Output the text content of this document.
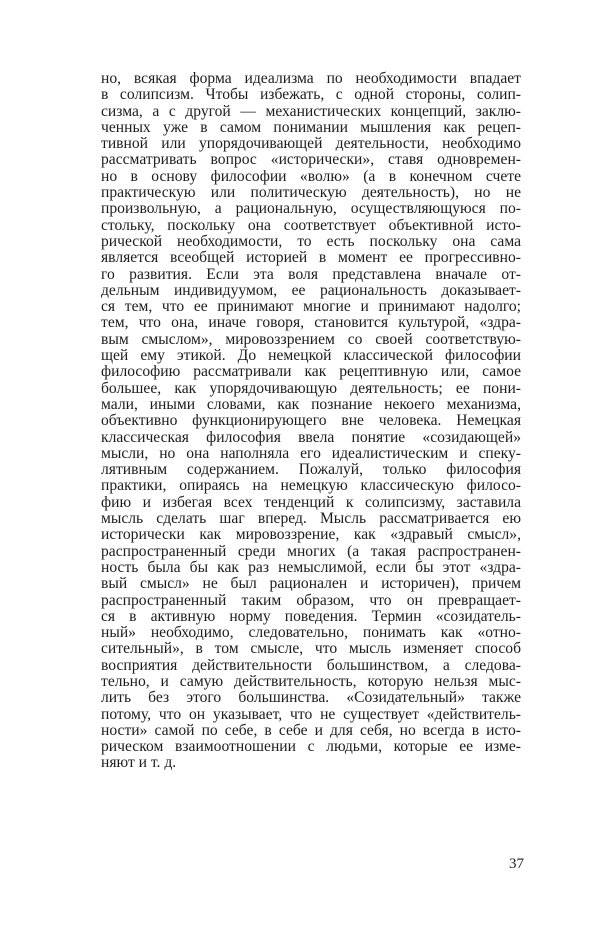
но, всякая форма идеализма по необходимости впадает
в солипсизм. Чтобы избежать, с одной стороны, солип-
сизма, а с другой — механистических концепций, заклю-
ченных уже в самом понимании мышления как рецеп-
тивной или упорядочивающей деятельности, необходимо
рассматривать вопрос «исторически», ставя одновремен-
но в основу философии «волю» (а в конечном счете
практическую или политическую деятельность), но не
произвольную, а рациональную, осуществляющуюся по-
стольку, поскольку она соответствует объективной исто-
рической необходимости, то есть поскольку она сама
является всеобщей историей в момент ее прогрессивно-
го развития. Если эта воля представлена вначале от-
дельным индивидуумом, ее рациональность доказывает-
ся тем, что ее принимают многие и принимают надолго;
тем, что она, иначе говоря, становится культурой, «здра-
вым смыслом», мировоззрением со своей соответствую-
щей ему этикой. До немецкой классической философии
философию рассматривали как рецептивную или, самое
большее, как упорядочивающую деятельность; ее пони-
мали, иными словами, как познание некоего механизма,
объективно функционирующего вне человека. Немецкая
классическая философия ввела понятие «созидающей»
мысли, но она наполняла его идеалистическим и спеку-
лятивным содержанием. Пожалуй, только философия
практики, опираясь на немецкую классическую филосо-
фию и избегая всех тенденций к солипсизму, заставила
мысль сделать шаг вперед. Мысль рассматривается ею
исторически как мировоззрение, как «здравый смысл»,
распространенный среди многих (а такая распространен-
ность была бы как раз немыслимой, если бы этот «здра-
вый смысл» не был рационален и историчен), причем
распространенный таким образом, что он превращает-
ся в активную норму поведения. Термин «созидатель-
ный» необходимо, следовательно, понимать как «отно-
сительный», в том смысле, что мысль изменяет способ
восприятия действительности большинством, а следова-
тельно, и самую действительность, которую нельзя мыс-
лить без этого большинства. «Созидательный» также
потому, что он указывает, что не существует «действитель-
ности» самой по себе, в себе и для себя, но всегда в исто-
рическом взаимоотношении с людьми, которые ее изме-
няют и т. д.
37
